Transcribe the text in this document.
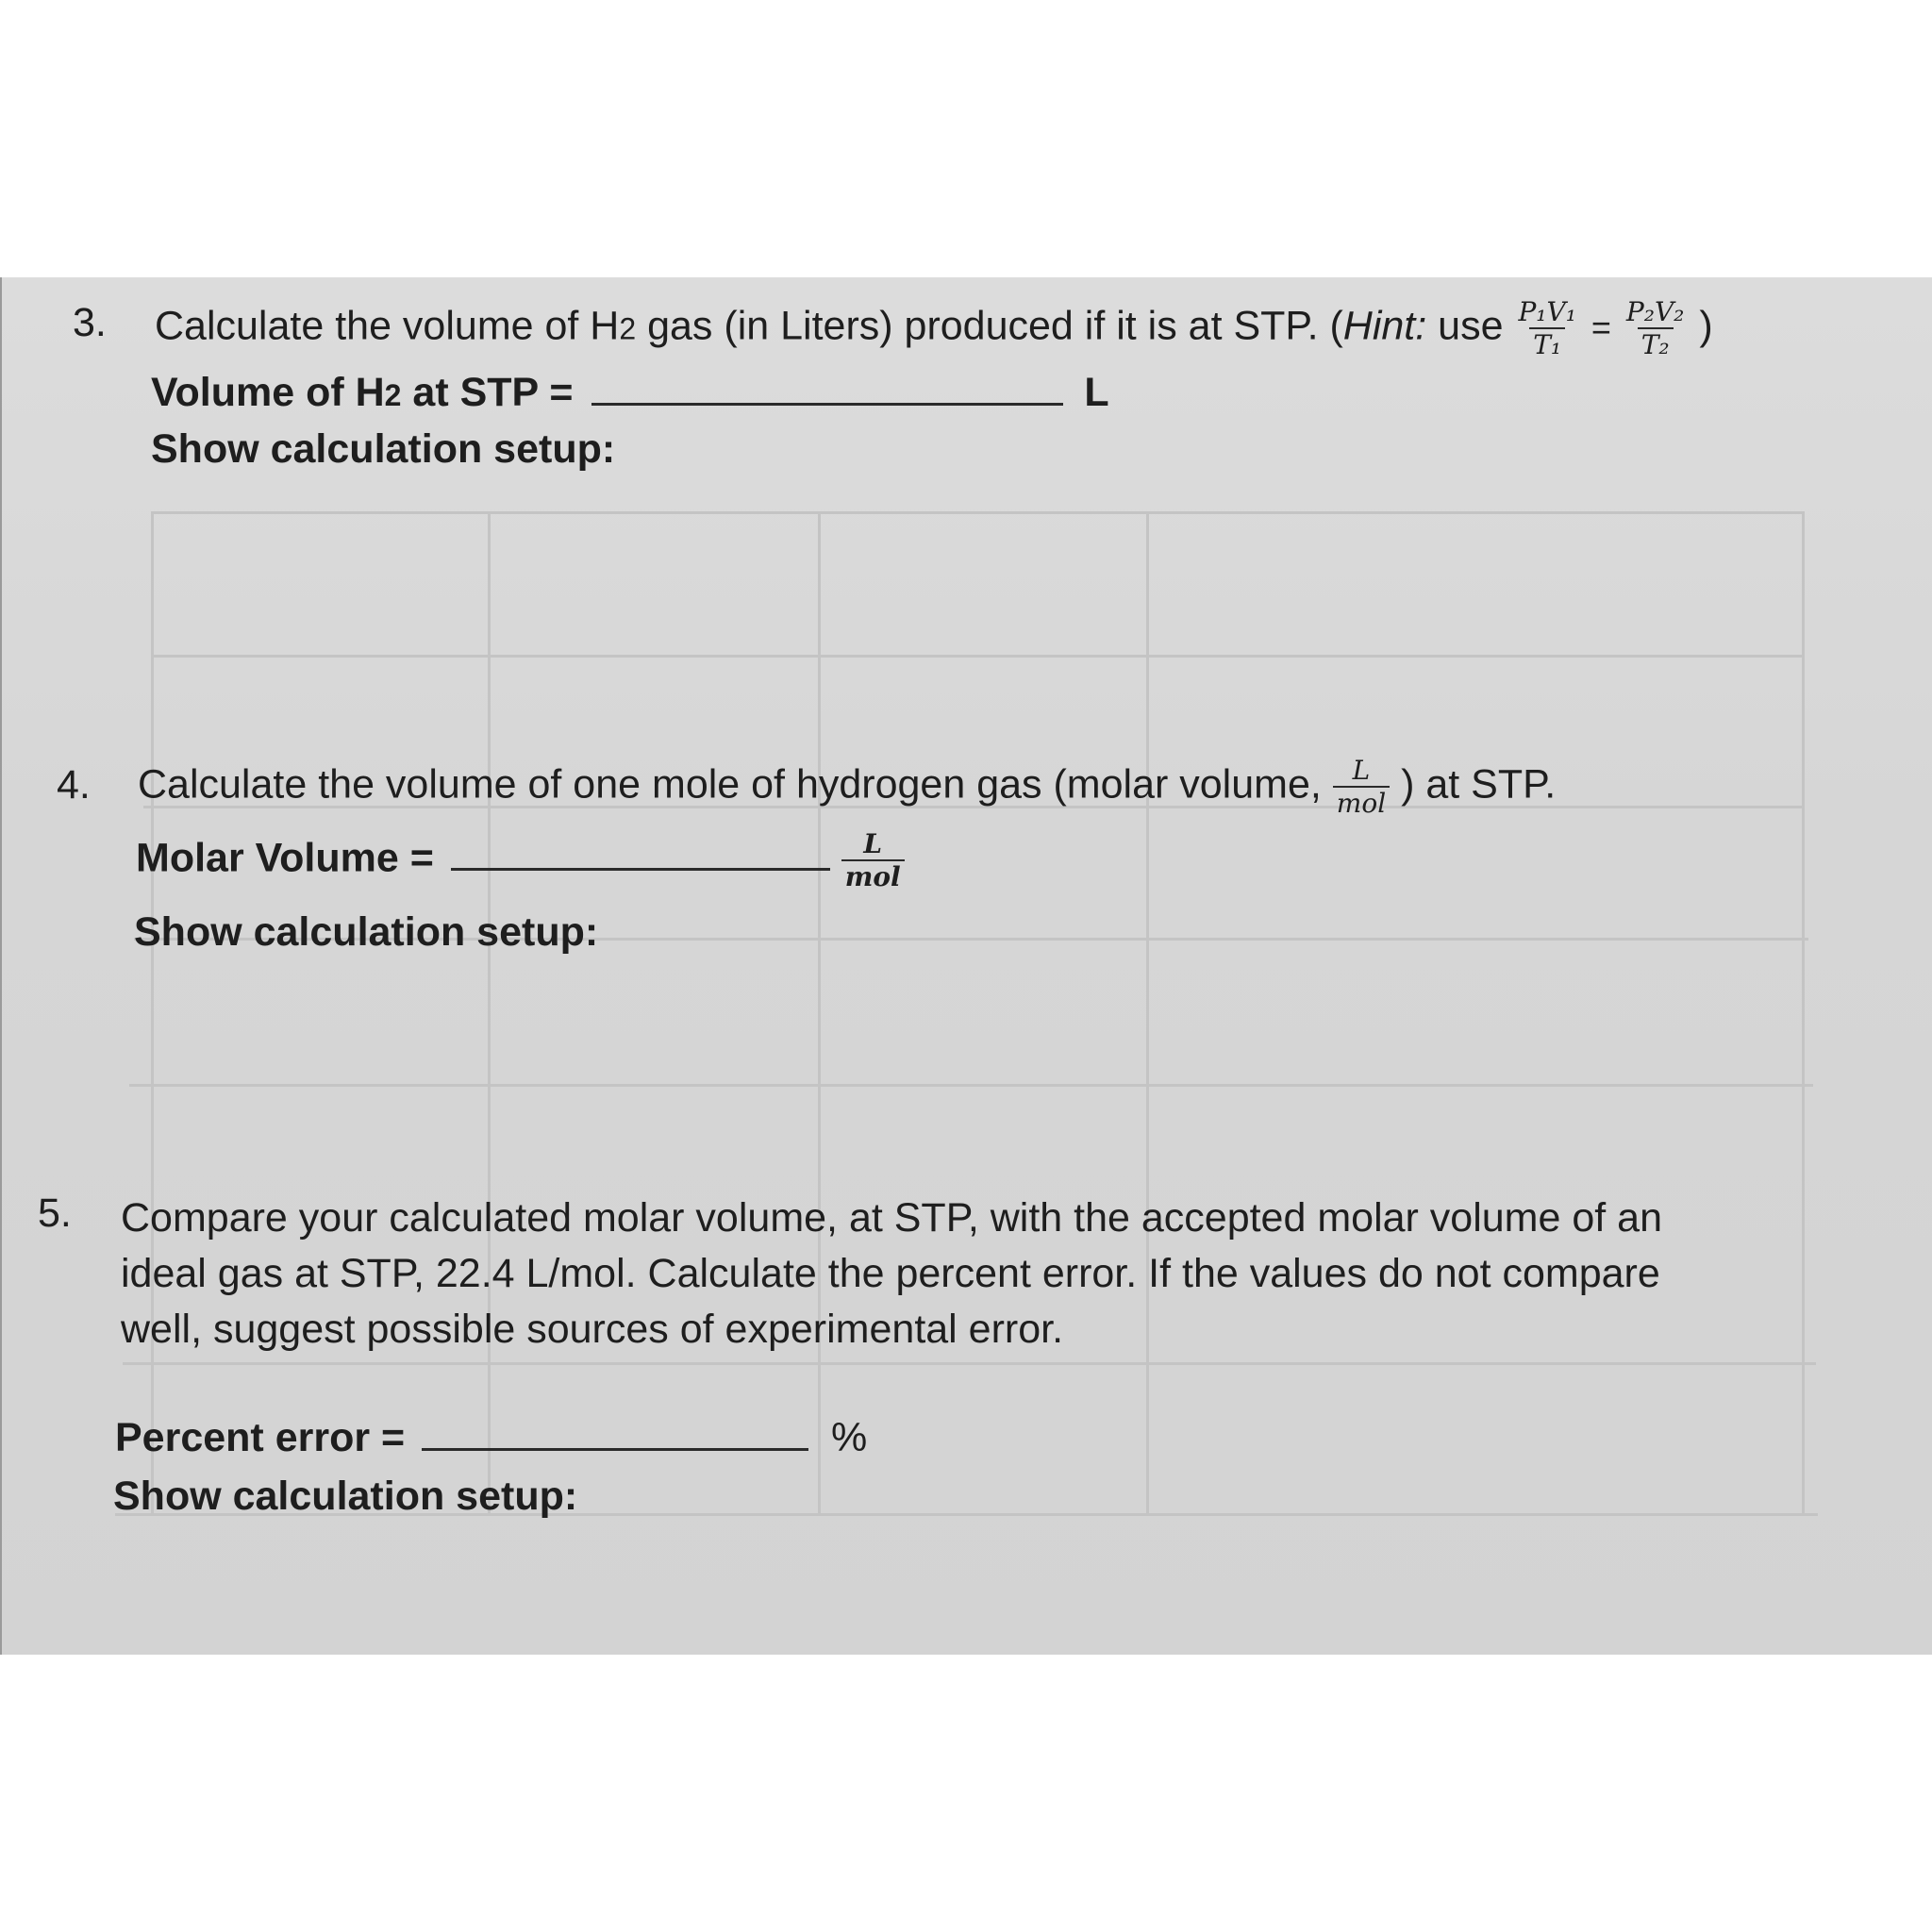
3. Calculate the volume of H2 gas (in Liters) produced if it is at STP. (Hint: use $\frac{\text{P₁V₁}}{\text{T₁}} = \frac{\text{P₂V₂}}{\text{T₂}}$ )
Volume of H2 at STP =	L
Show calculation setup:
4. Calculate the volume of one mole of hydrogen gas (molar volume, $\frac{L}{\text{mol}}$ ) at STP.
Molar Volume =	$\frac{L}{\text{mol}}$
Show calculation setup:
5. Compare your calculated molar volume, at STP, with the accepted molar volume of an
ideal gas at STP, 22.4 L/mol. Calculate the percent error. If the values do not compare
well, suggest possible sources of experimental error.
Percent error =	%
Show calculation setup:
